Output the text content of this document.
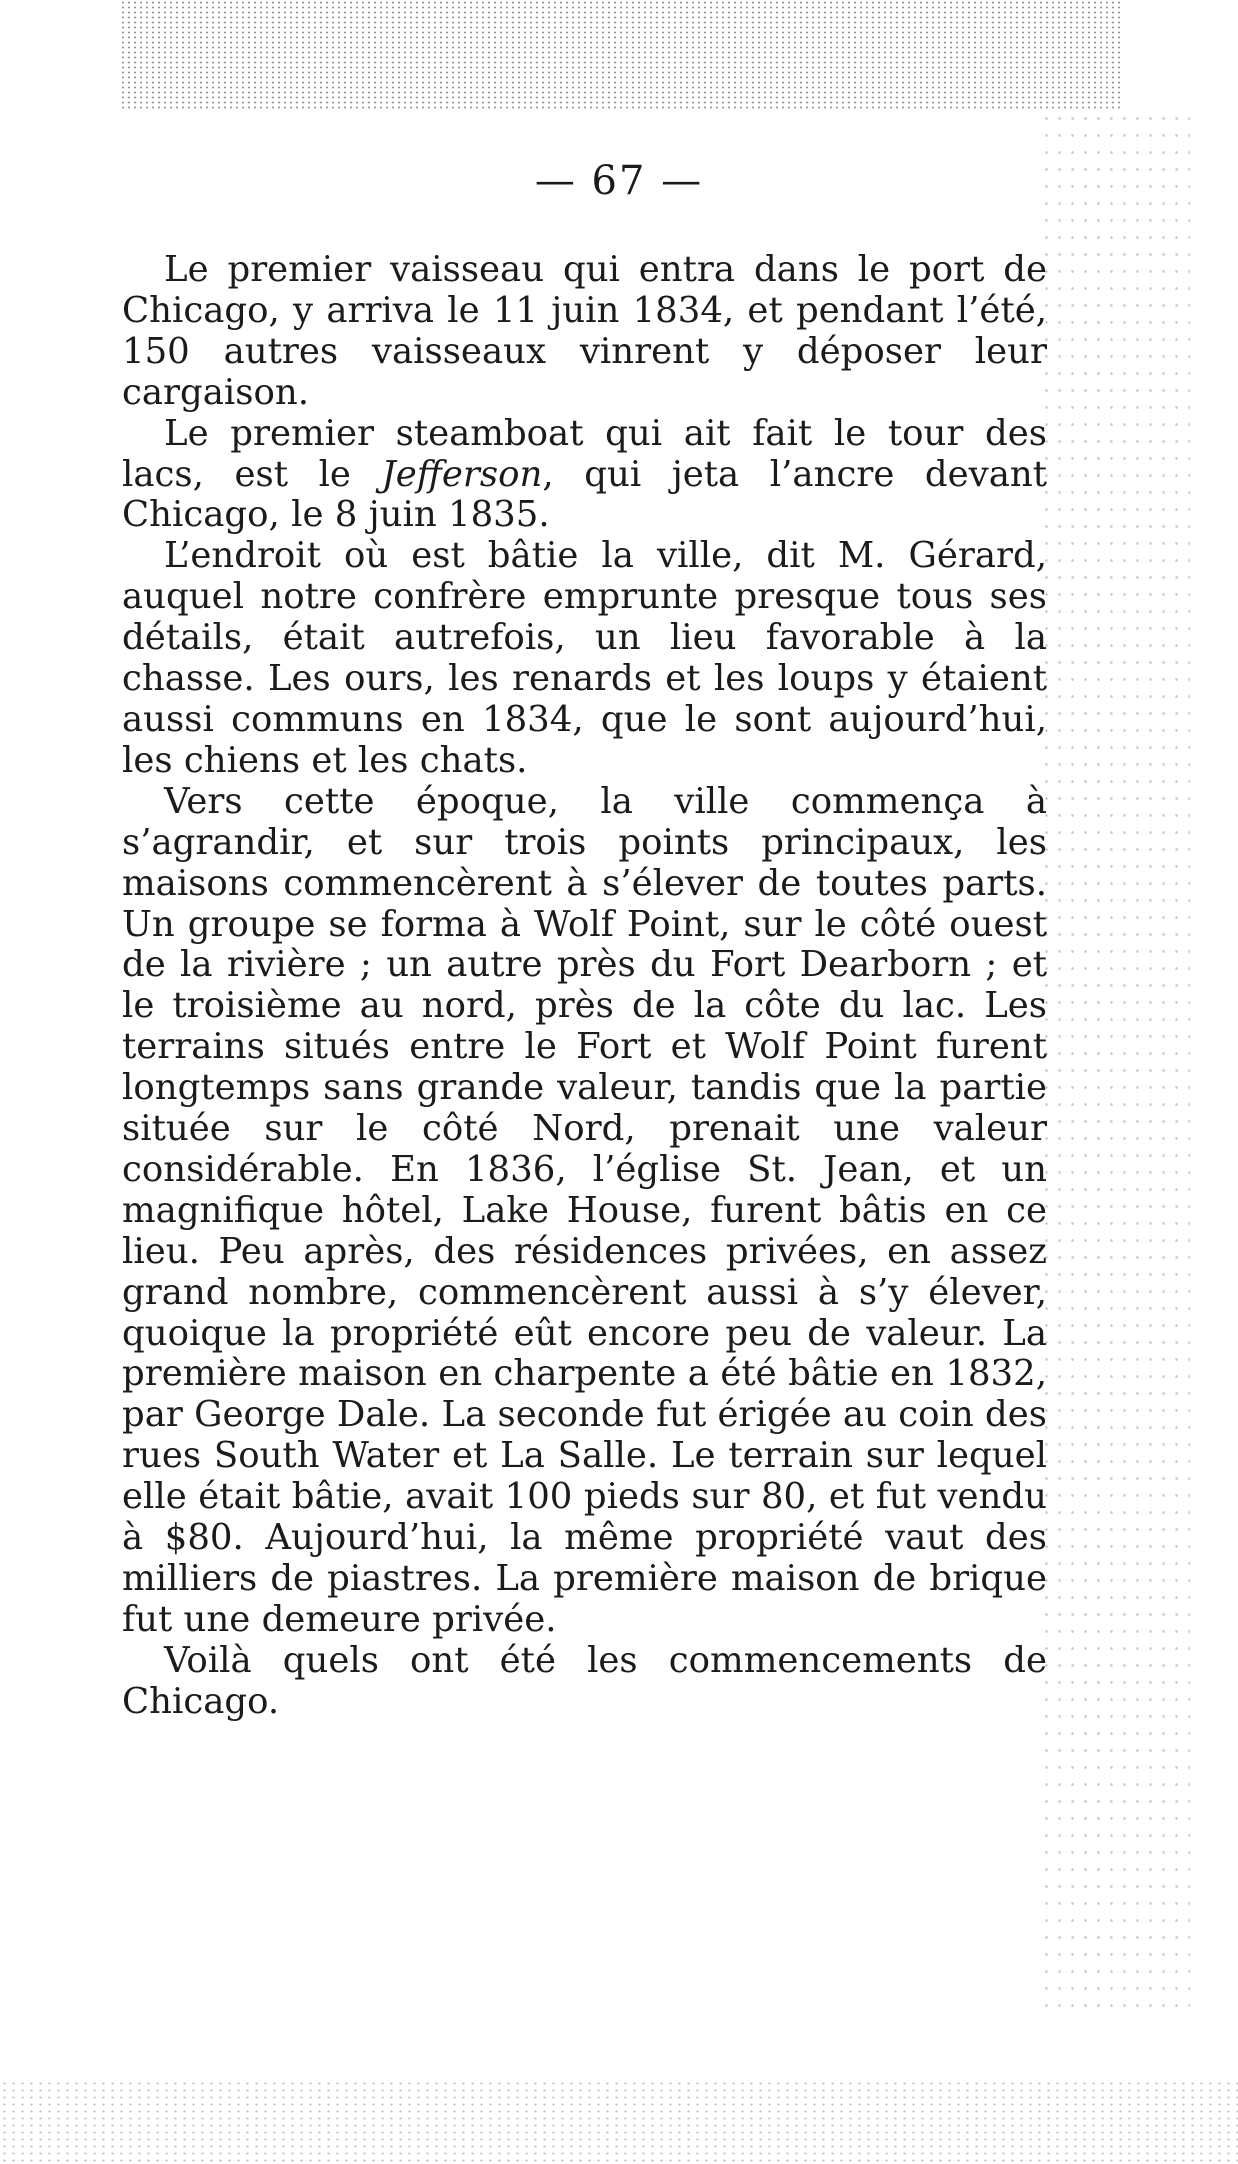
— 67 —

Le premier vaisseau qui entra dans le port de Chicago, y arriva le 11 juin 1834, et pendant l’été, 150 autres vaisseaux vinrent y déposer leur cargaison.

Le premier steamboat qui ait fait le tour des lacs, est le Jefferson, qui jeta l’ancre devant Chicago, le 8 juin 1835.

L’endroit où est bâtie la ville, dit M. Gérard, auquel notre confrère emprunte presque tous ses détails, était autrefois, un lieu favorable à la chasse. Les ours, les renards et les loups y étaient aussi communs en 1834, que le sont aujourd’hui, les chiens et les chats.

Vers cette époque, la ville commença à s’agrandir, et sur trois points principaux, les maisons commencèrent à s’élever de toutes parts. Un groupe se forma à Wolf Point, sur le côté ouest de la rivière ; un autre près du Fort Dearborn ; et le troisième au nord, près de la côte du lac. Les terrains situés entre le Fort et Wolf Point furent longtemps sans grande valeur, tandis que la partie située sur le côté Nord, prenait une valeur considérable. En 1836, l’église St. Jean, et un magnifique hôtel, Lake House, furent bâtis en ce lieu. Peu après, des résidences privées, en assez grand nombre, commencèrent aussi à s’y élever, quoique la propriété eût encore peu de valeur. La première maison en charpente a été bâtie en 1832, par George Dale. La seconde fut érigée au coin des rues South Water et La Salle. Le terrain sur lequel elle était bâtie, avait 100 pieds sur 80, et fut vendu à $80. Aujourd’hui, la même propriété vaut des milliers de piastres. La première maison de brique fut une demeure privée.

Voilà quels ont été les commencements de Chicago.
